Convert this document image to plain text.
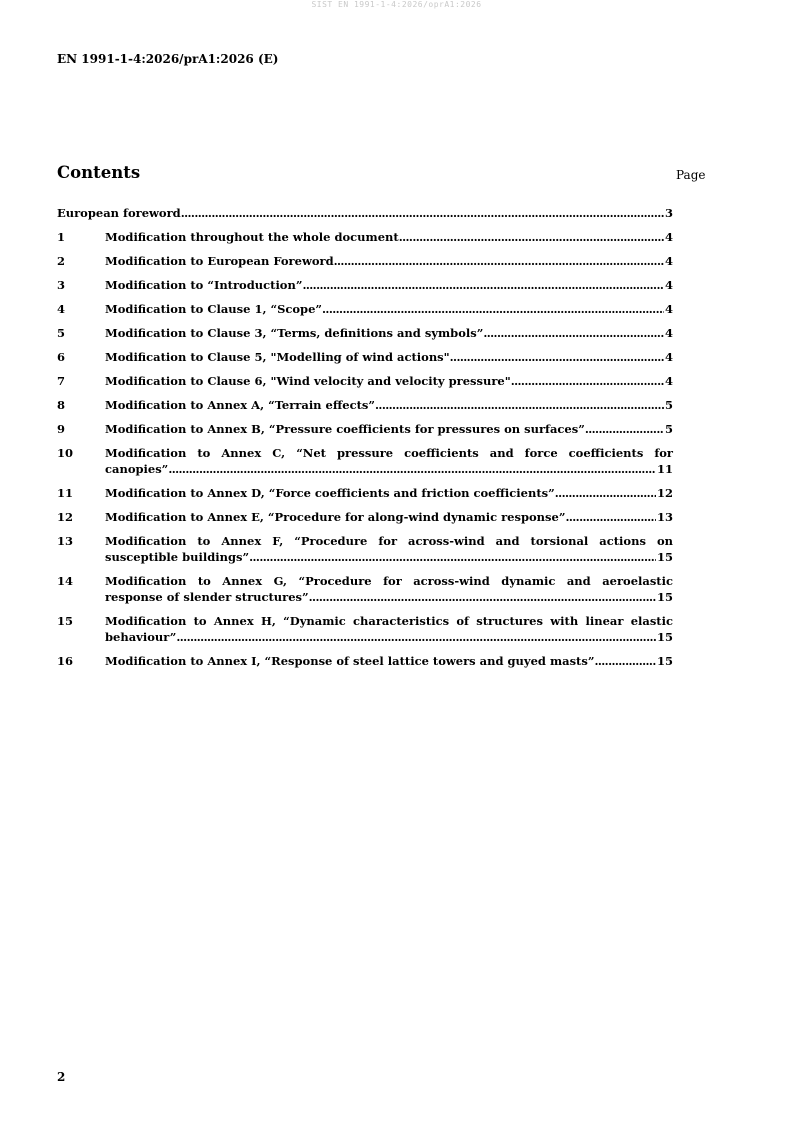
SIST EN 1991-1-4:2026/oprA1:2026
EN 1991-1-4:2026/prA1:2026 (E)
Contents	Page
European foreword .....	3
1	Modification throughout the whole document .....	4
2	Modification to European Foreword .....	4
3	Modification to “Introduction” .....	4
4	Modification to Clause 1, “Scope” .....	4
5	Modification to Clause 3, “Terms, definitions and symbols” .....	4
6	Modification to Clause 5, "Modelling of wind actions" .....	4
7	Modification to Clause 6, "Wind velocity and velocity pressure" .....	4
8	Modification to Annex A, “Terrain effects” .....	5
9	Modification to Annex B, “Pressure coefficients for pressures on surfaces” .....	5
10	Modification to Annex C, “Net pressure coefficients and force coefficients for
canopies” .....	11
11	Modification to Annex D, “Force coefficients and friction coefficients” .....	12
12	Modification to Annex E, “Procedure for along-wind dynamic response” .....	13
13	Modification to Annex F, “Procedure for across-wind and torsional actions on
susceptible buildings” .....	15
14	Modification to Annex G, “Procedure for across-wind dynamic and aeroelastic
response of slender structures” .....	15
15	Modification to Annex H, “Dynamic characteristics of structures with linear elastic
behaviour” .....	15
16	Modification to Annex I, “Response of steel lattice towers and guyed masts” .....	15
2
